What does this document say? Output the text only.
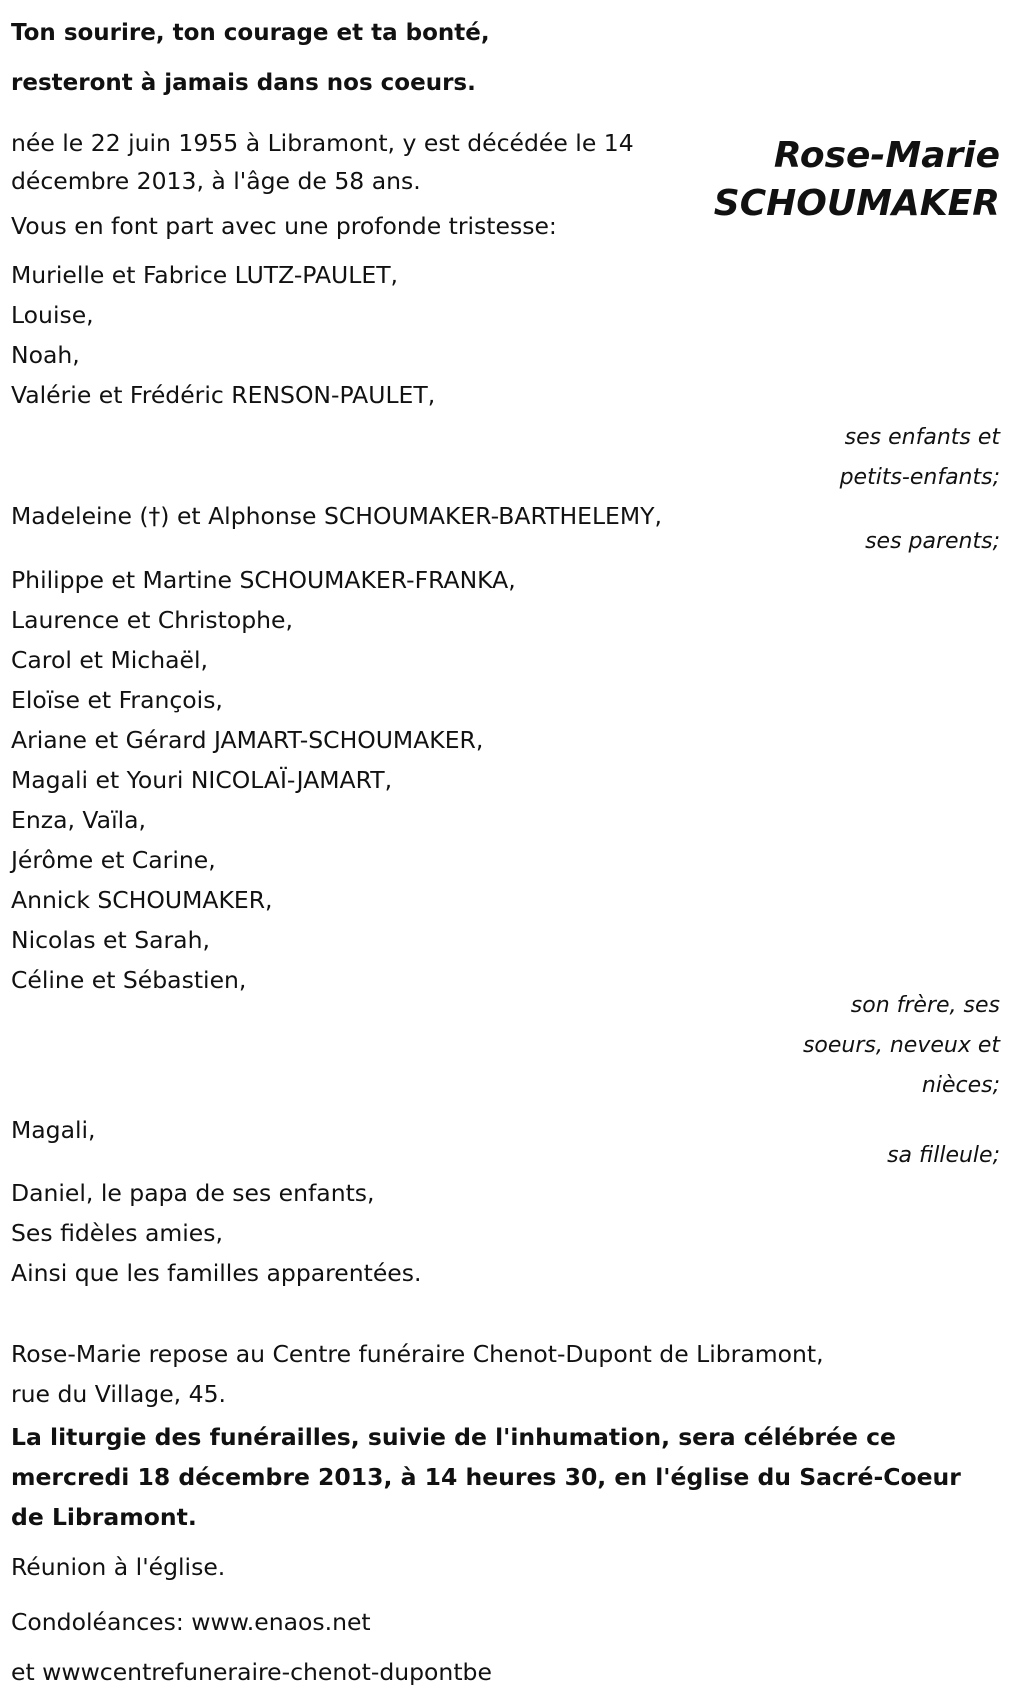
Ton sourire, ton courage et ta bonté,
resteront à jamais dans nos coeurs.
Rose-Marie
SCHOUMAKER
née le 22 juin 1955 à Libramont, y est décédée le 14
décembre 2013, à l'âge de 58 ans.
Vous en font part avec une profonde tristesse:
Murielle et Fabrice LUTZ-PAULET,
Louise,
Noah,
Valérie et Frédéric RENSON-PAULET,
ses enfants et
petits-enfants;
Madeleine (†) et Alphonse SCHOUMAKER-BARTHELEMY,
ses parents;
Philippe et Martine SCHOUMAKER-FRANKA,
Laurence et Christophe,
Carol et Michaël,
Eloïse et François,
Ariane et Gérard JAMART-SCHOUMAKER,
Magali et Youri NICOLAÏ-JAMART,
Enza, Vaïla,
Jérôme et Carine,
Annick SCHOUMAKER,
Nicolas et Sarah,
Céline et Sébastien,
son frère, ses
soeurs, neveux et
nièces;
Magali,
sa filleule;
Daniel, le papa de ses enfants,
Ses fidèles amies,
Ainsi que les familles apparentées.
Rose-Marie repose au Centre funéraire Chenot-Dupont de Libramont,
rue du Village, 45.
La liturgie des funérailles, suivie de l'inhumation, sera célébrée ce
mercredi 18 décembre 2013, à 14 heures 30, en l'église du Sacré-Coeur
de Libramont.
Réunion à l'église.
Condoléances: www.enaos.net
et wwwcentrefuneraire-chenot-dupontbe
